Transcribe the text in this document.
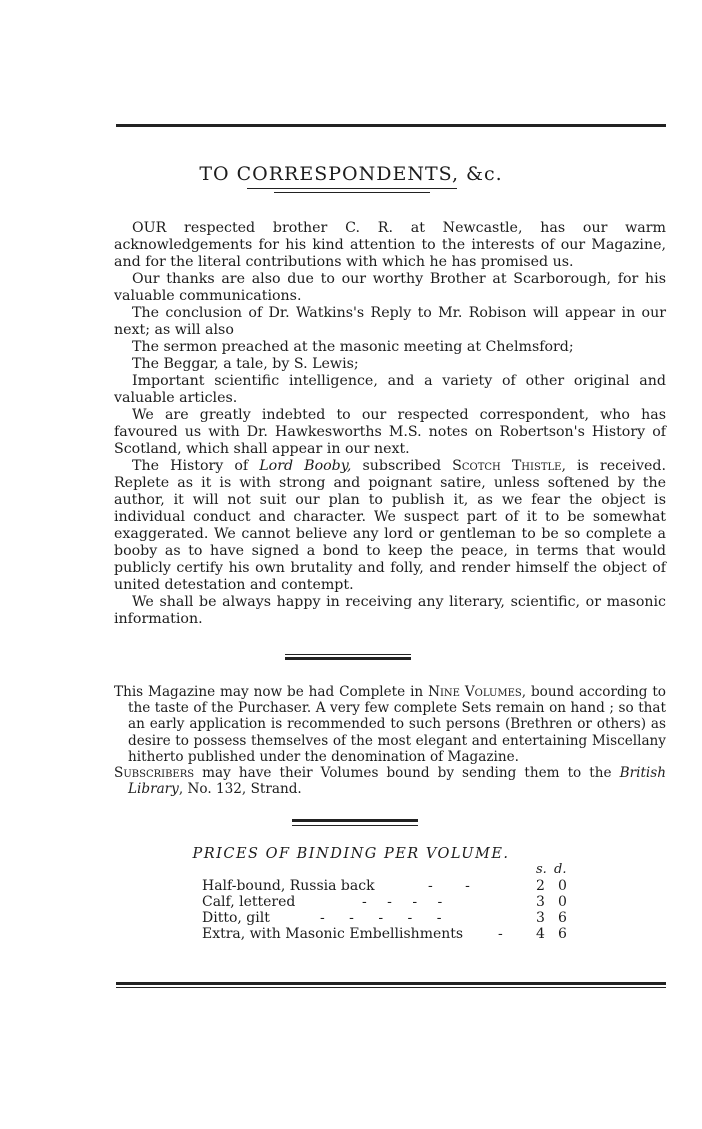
TO CORRESPONDENTS, &c.

OUR respected brother C. R. at Newcastle, has our warm acknowledgements for his kind attention to the interests of our Magazine, and for the literal contributions with which he has promised us.

Our thanks are also due to our worthy Brother at Scarborough, for his valuable communications.

The conclusion of Dr. Watkins's Reply to Mr. Robison will appear in our next; as will also

The sermon preached at the masonic meeting at Chelmsford;

The Beggar, a tale, by S. Lewis;

Important scientific intelligence, and a variety of other original and valuable articles.

We are greatly indebted to our respected correspondent, who has favoured us with Dr. Hawkesworths M.S. notes on Robertson's History of Scotland, which shall appear in our next.

The History of Lord Booby, subscribed Scotch Thistle, is received. Replete as it is with strong and poignant satire, unless softened by the author, it will not suit our plan to publish it, as we fear the object is individual conduct and character. We suspect part of it to be somewhat exaggerated. We cannot believe any lord or gentleman to be so complete a booby as to have signed a bond to keep the peace, in terms that would publicly certify his own brutality and folly, and render himself the object of united detestation and contempt.

We shall be always happy in receiving any literary, scientific, or masonic information.

This Magazine may now be had Complete in Nine Volumes, bound according to the taste of the Purchaser. A very few complete Sets remain on hand ; so that an early application is recommended to such persons (Brethren or others) as desire to possess themselves of the most elegant and entertaining Miscellany hitherto published under the denomination of Magazine.

Subscribers may have their Volumes bound by sending them to the British Library, No. 132, Strand.

PRICES OF BINDING PER VOLUME.
s. d.
Half-bound, Russia back	- -	2 0
Calf, lettered	- - - -	3 0
Ditto, gilt	- - - - -	3 6
Extra, with Masonic Embellishments - 4 6
